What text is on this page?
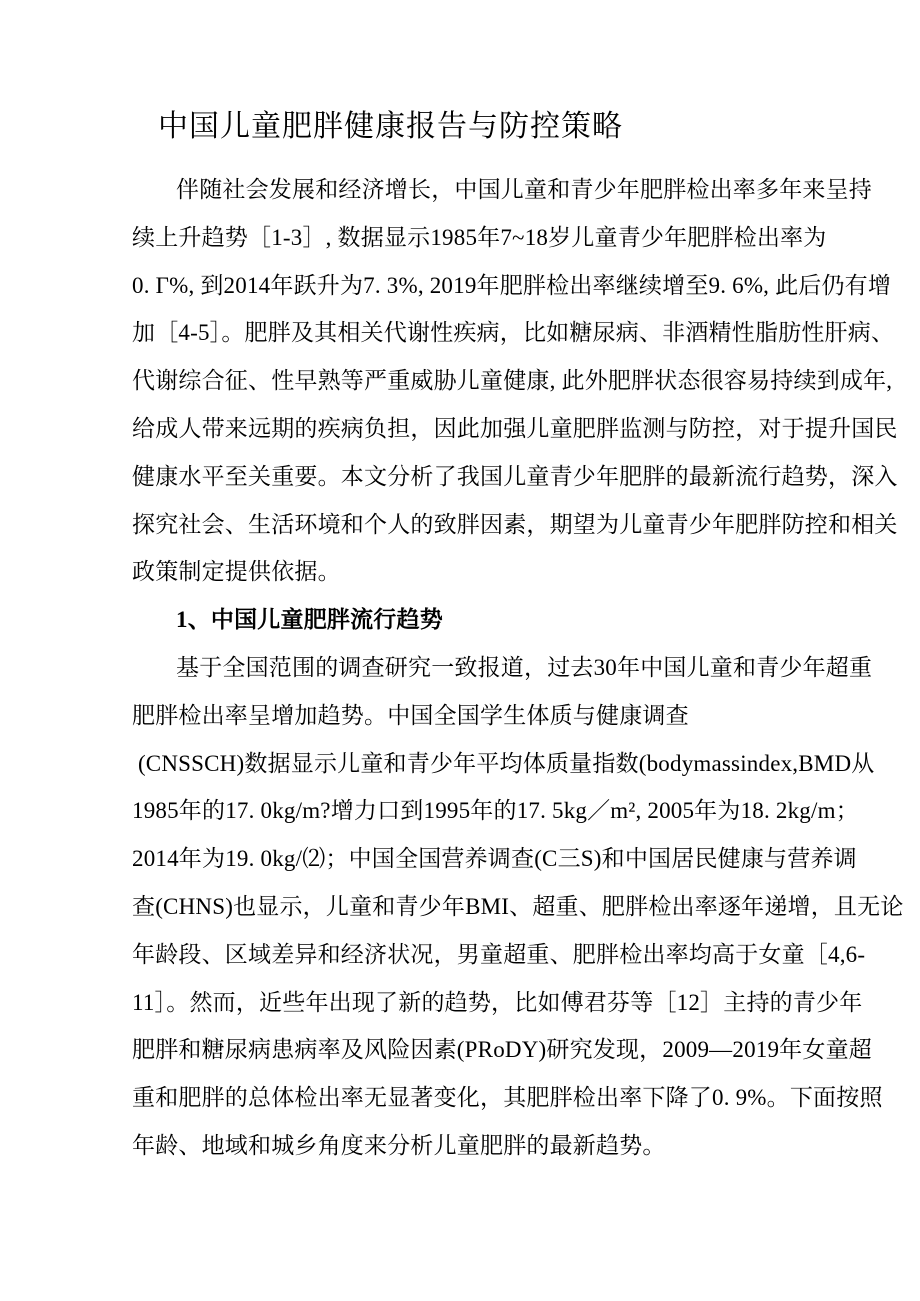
中国儿童肥胖健康报告与防控策略
伴随社会发展和经济增长，中国儿童和青少年肥胖检出率多年来呈持
续上升趋势［1-3］, 数据显示1985年7~18岁儿童青少年肥胖检出率为
0. Γ%, 到2014年跃升为7. 3%, 2019年肥胖检出率继续增至9. 6%, 此后仍有增
加［4-5］。肥胖及其相关代谢性疾病，比如糖尿病、非酒精性脂肪性肝病、
代谢综合征、性早熟等严重威胁儿童健康, 此外肥胖状态很容易持续到成年,
给成人带来远期的疾病负担，因此加强儿童肥胖监测与防控，对于提升国民
健康水平至关重要。本文分析了我国儿童青少年肥胖的最新流行趋势，深入
探究社会、生活环境和个人的致胖因素，期望为儿童青少年肥胖防控和相关
政策制定提供依据。
1、中国儿童肥胖流行趋势
基于全国范围的调查研究一致报道，过去30年中国儿童和青少年超重
肥胖检出率呈增加趋势。中国全国学生体质与健康调查
(CNSSCH)数据显示儿童和青少年平均体质量指数(bodymassindex,BMD从
1985年的17. 0kg/m?增力口到1995年的17. 5kg／m², 2005年为18. 2kg/m；
2014年为19. 0kg/⑵；中国全国营养调查(C三S)和中国居民健康与营养调
查(CHNS)也显示，儿童和青少年BMI、超重、肥胖检出率逐年递增，且无论
年龄段、区域差异和经济状况，男童超重、肥胖检出率均高于女童［4,6-
11］。然而，近些年出现了新的趋势，比如傅君芬等［12］主持的青少年
肥胖和糖尿病患病率及风险因素(PRoDY)研究发现，2009—2019年女童超
重和肥胖的总体检出率无显著变化，其肥胖检出率下降了0. 9%。下面按照
年龄、地域和城乡角度来分析儿童肥胖的最新趋势。
